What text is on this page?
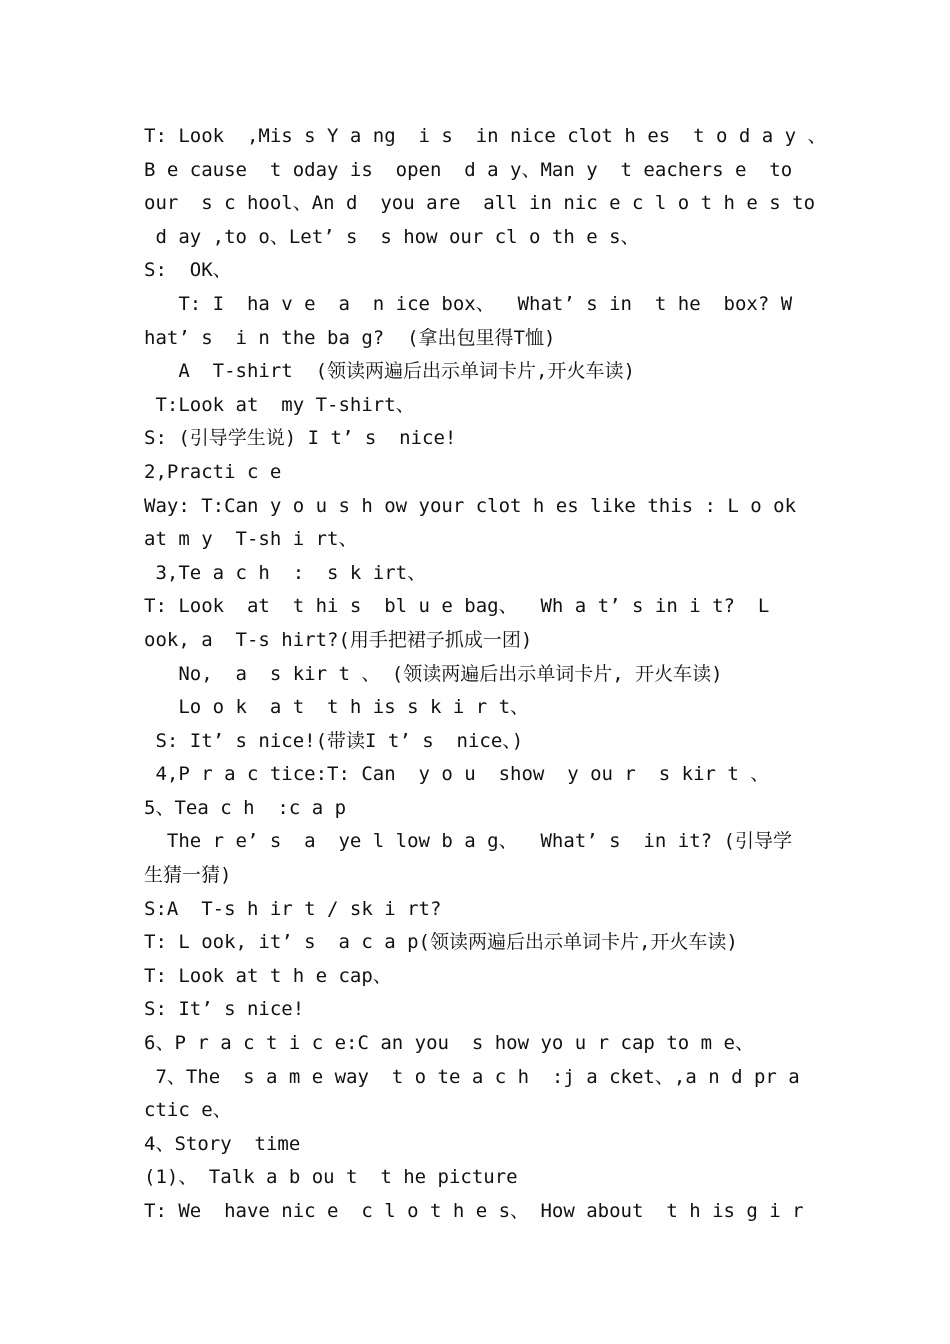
T: Look  ,Mis s Y a ng  i s  in nice clot h es  t o d a y 、
B e cause  t oday is  open  d a y、Man y  t eachers e  to
our  s c hool、An d  you are  all in nic e c l o t h e s to
d ay ,to o、Let’ s  s how our cl o th e s、
S:  OK、
T: I  ha v e  a  n ice box、  What’ s in  t he  box? W
hat’ s  i n the ba g?  (拿出包里得T恤)
A  T-shirt  (领读两遍后出示单词卡片,开火车读)
T:Look at  my T-shirt、
S: (引导学生说) I t’ s  nice!
2,Practi c e
Way: T:Can y o u s h ow your clot h es like this : L o ok
at m y  T-sh i rt、
3,Te a c h  :  s k irt、
T: Look  at  t hi s  bl u e bag、  Wh a t’ s in i t?  L
ook, a  T-s hirt?(用手把裙子抓成一团)
No,  a  s kir t 、 (领读两遍后出示单词卡片, 开火车读)
Lo o k  a t  t h is s k i r t、
S: It’ s nice!(带读I t’ s  nice、)
4,P r a c tice:T: Can  y o u  show  y ou r  s kir t 、
5、Tea c h  :c a p
The r e’ s  a  ye l low b a g、  What’ s  in it? (引导学
生猜一猜)
S:A  T-s h ir t / sk i rt?
T: L ook, it’ s  a c a p(领读两遍后出示单词卡片,开火车读)
T: Look at t h e cap、
S: It’ s nice!
6、P r a c t i c e:C an you  s how yo u r cap to m e、
7、The  s a m e way  t o te a c h  :j a cket、,a n d pr a
ctic e、
4、Story  time
(1)、 Talk a b ou t  t he picture
T: We  have nic e  c l o t h e s、 How about  t h is g i r
